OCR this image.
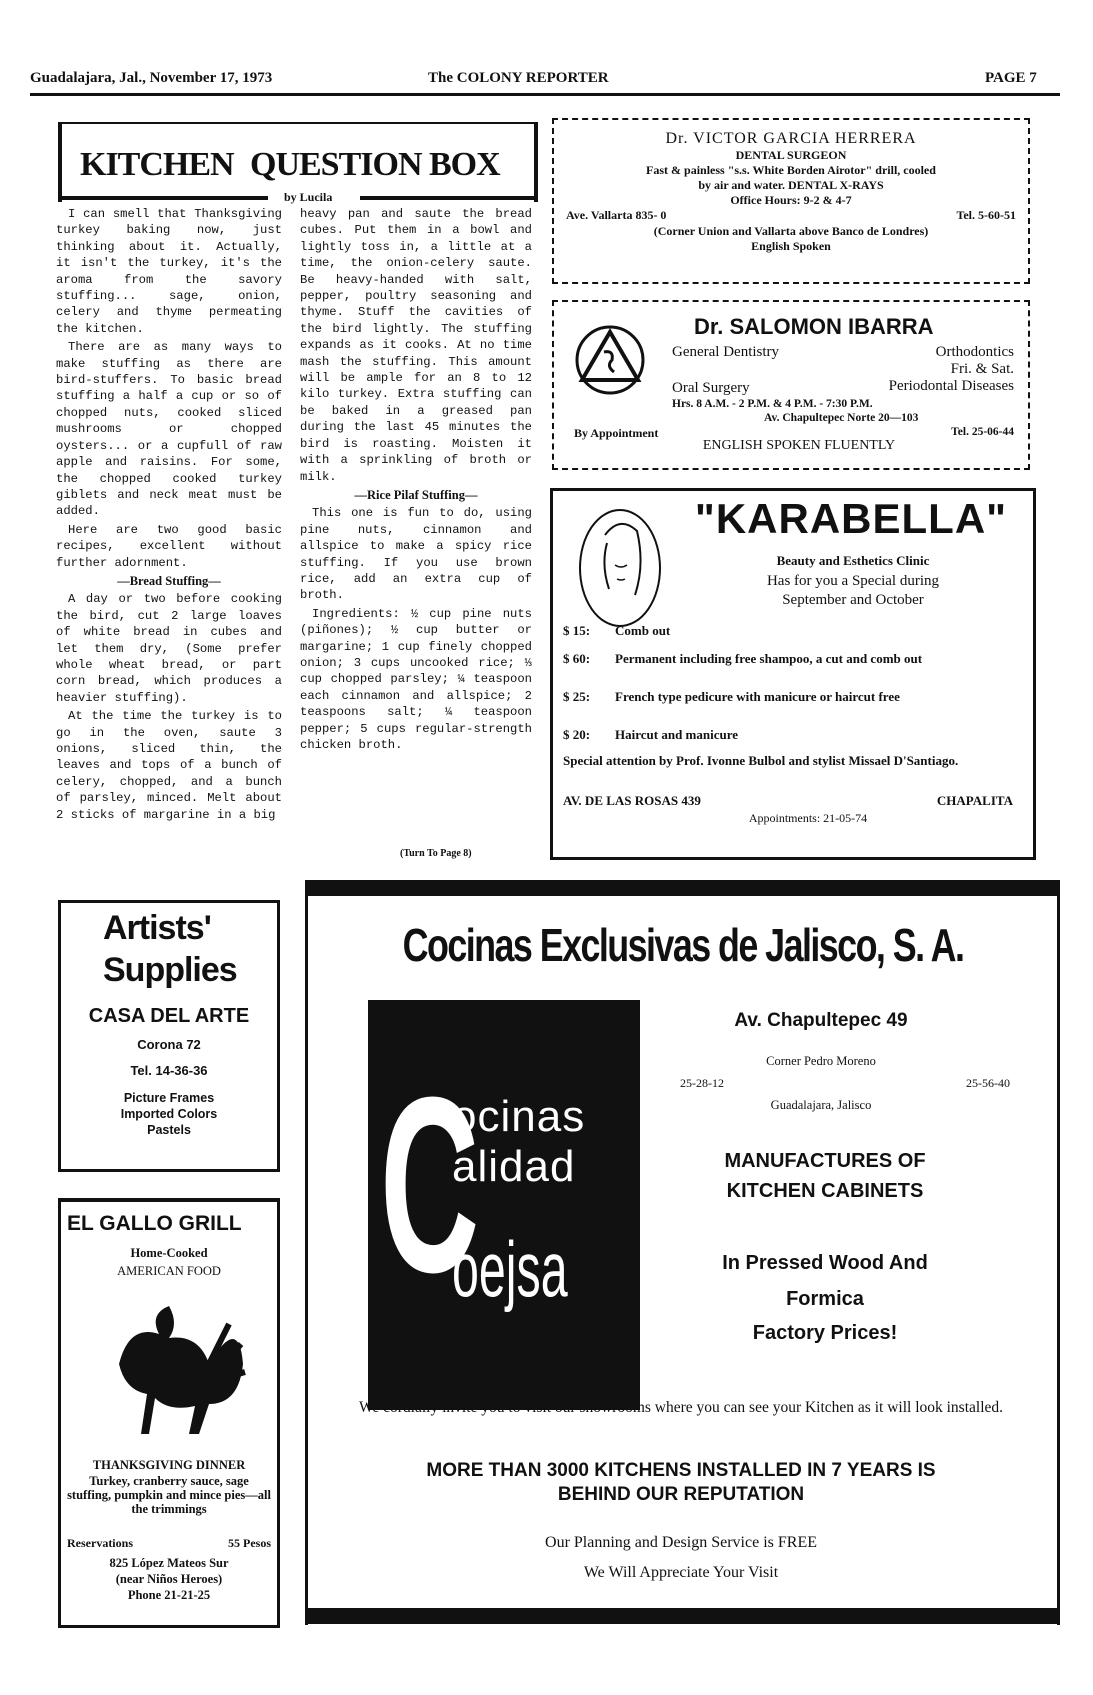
Guadalajara, Jal., November 17, 1973	The COLONY REPORTER	PAGE 7
KITCHEN QUESTION BOX
by Lucila

I can smell that Thanksgiving turkey baking now, just thinking about it. Actually, it isn't the turkey, it's the aroma from the savory stuffing... sage, onion, celery and thyme permeating the kitchen.

There are as many ways to make stuffing as there are bird-stuffers. To basic bread stuffing a half a cup or so of chopped nuts, cooked sliced mushrooms or chopped oysters... or a cupfull of raw apple and raisins. For some, the chopped cooked turkey giblets and neck meat must be added.

Here are two good basic recipes, excellent without further adornment.

—Bread Stuffing—

A day or two before cooking the bird, cut 2 large loaves of white bread in cubes and let them dry, (Some prefer whole wheat bread, or part corn bread, which produces a heavier stuffing).

At the time the turkey is to go in the oven, saute 3 onions, sliced thin, the leaves and tops of a bunch of celery, chopped, and a bunch of parsley, minced. Melt about 2 sticks of margarine in a big

heavy pan and saute the bread cubes. Put them in a bowl and lightly toss in, a little at a time, the onion-celery saute. Be heavy-handed with salt, pepper, poultry seasoning and thyme. Stuff the cavities of the bird lightly. The stuffing expands as it cooks. At no time mash the stuffing. This amount will be ample for an 8 to 12 kilo turkey. Extra stuffing can be baked in a greased pan during the last 45 minutes the bird is roasting. Moisten it with a sprinkling of broth or milk.

—Rice Pilaf Stuffing—

This one is fun to do, using pine nuts, cinnamon and allspice to make a spicy rice stuffing. If you use brown rice, add an extra cup of broth.

Ingredients: ½ cup pine nuts (piñones); ½ cup butter or margarine; 1 cup finely chopped onion; 3 cups uncooked rice; ⅓ cup chopped parsley; ¼ teaspoon each cinnamon and allspice; 2 teaspoons salt; ¼ teaspoon pepper; 5 cups regular-strength chicken broth.

(Turn To Page 8)
Dr. VICTOR GARCIA HERRERA
DENTAL SURGEON
Fast & painless "s.s. White Borden Airotor" drill, cooled
by air and water. DENTAL X-RAYS
Office Hours: 9-2 & 4-7
Ave. Vallarta 835- 0	Tel. 5-60-51
(Corner Union and Vallarta above Banco de Londres)
English Spoken
Dr. SALOMON IBARRA
General Dentistry	Orthodontics
Fri. & Sat.
Oral Surgery	Periodontal Diseases
Hrs. 8 A.M. - 2 P.M. & 4 P.M. - 7:30 P.M.
Av. Chapultepec Norte 20—103
By Appointment	Tel. 25-06-44
ENGLISH SPOKEN FLUENTLY
"KARABELLA"
Beauty and Esthetics Clinic
Has for you a Special during
September and October
$ 15: Comb out
$ 60: Permanent including free shampoo, a cut and comb out
$ 25: French type pedicure with manicure or haircut free
$ 20: Haircut and manicure
Special attention by Prof. Ivonne Bulbol and stylist Missael D'Santiago.
AV. DE LAS ROSAS 439	CHAPALITA
Appointments: 21-05-74
Artists'
Supplies
CASA DEL ARTE
Corona 72
Tel. 14-36-36
Picture Frames
Imported Colors
Pastels
EL GALLO GRILL
Home-Cooked
AMERICAN FOOD
THANKSGIVING DINNER
Turkey, cranberry sauce, sage stuffing, pumpkin and mince pies—all the trimmings
Reservations	55 Pesos
825 López Mateos Sur
(near Niños Heroes)
Phone 21-21-25
Cocinas Exclusivas de Jalisco, S. A.
C
ocinas
alidad
oejsa
Av. Chapultepec 49
Corner Pedro Moreno
25-28-12	25-56-40
Guadalajara, Jalisco
MANUFACTURES OF
KITCHEN CABINETS
In Pressed Wood And
Formica
Factory Prices!
We cordially invite you to visit our showrooms where you can see your Kitchen as it will look installed.
MORE THAN 3000 KITCHENS INSTALLED IN 7 YEARS IS
BEHIND OUR REPUTATION
Our Planning and Design Service is FREE
We Will Appreciate Your Visit
